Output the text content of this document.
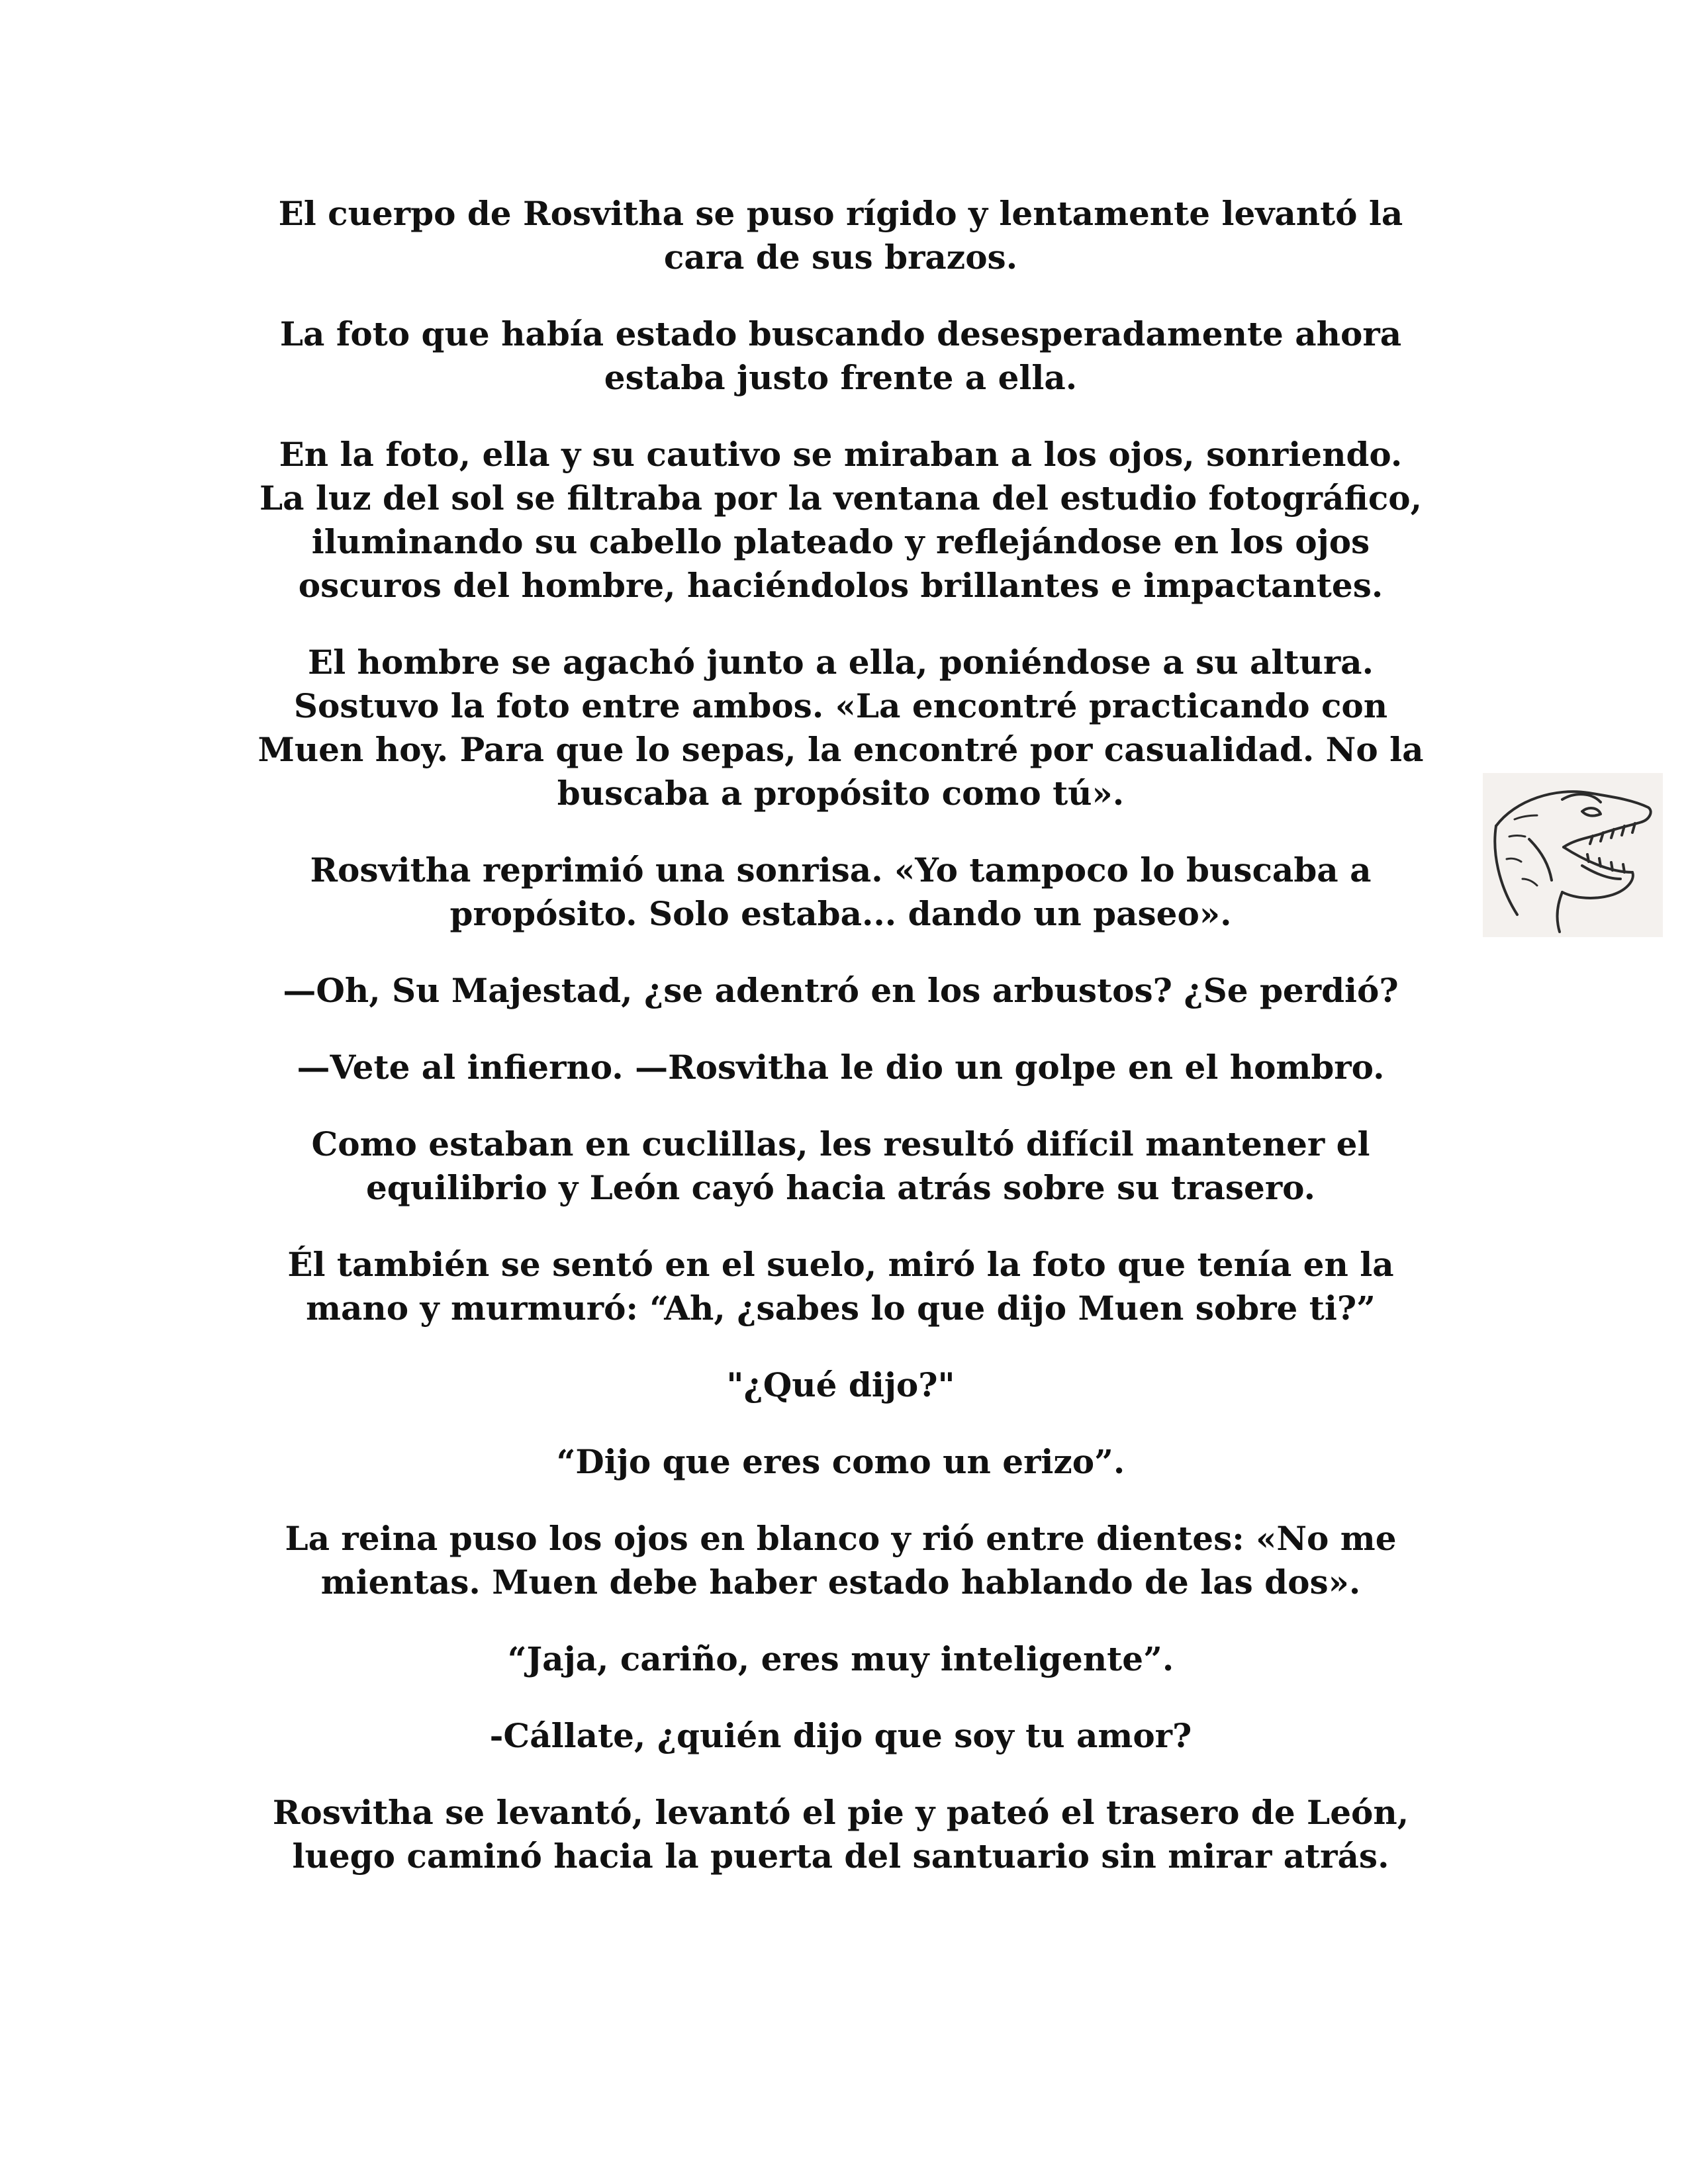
El cuerpo de Rosvitha se puso rígido y lentamente levantó la
cara de sus brazos.

La foto que había estado buscando desesperadamente ahora
estaba justo frente a ella.

En la foto, ella y su cautivo se miraban a los ojos, sonriendo.
La luz del sol se filtraba por la ventana del estudio fotográfico,
iluminando su cabello plateado y reflejándose en los ojos
oscuros del hombre, haciéndolos brillantes e impactantes.

El hombre se agachó junto a ella, poniéndose a su altura.
Sostuvo la foto entre ambos. «La encontré practicando con
Muen hoy. Para que lo sepas, la encontré por casualidad. No la
buscaba a propósito como tú».

Rosvitha reprimió una sonrisa. «Yo tampoco lo buscaba a
propósito. Solo estaba... dando un paseo».

—Oh, Su Majestad, ¿se adentró en los arbustos? ¿Se perdió?

—Vete al infierno. —Rosvitha le dio un golpe en el hombro.

Como estaban en cuclillas, les resultó difícil mantener el
equilibrio y León cayó hacia atrás sobre su trasero.

Él también se sentó en el suelo, miró la foto que tenía en la
mano y murmuró: “Ah, ¿sabes lo que dijo Muen sobre ti?”

"¿Qué dijo?"

“Dijo que eres como un erizo”.

La reina puso los ojos en blanco y rió entre dientes: «No me
mientas. Muen debe haber estado hablando de las dos».

“Jaja, cariño, eres muy inteligente”.

-Cállate, ¿quién dijo que soy tu amor?

Rosvitha se levantó, levantó el pie y pateó el trasero de León,
luego caminó hacia la puerta del santuario sin mirar atrás.
